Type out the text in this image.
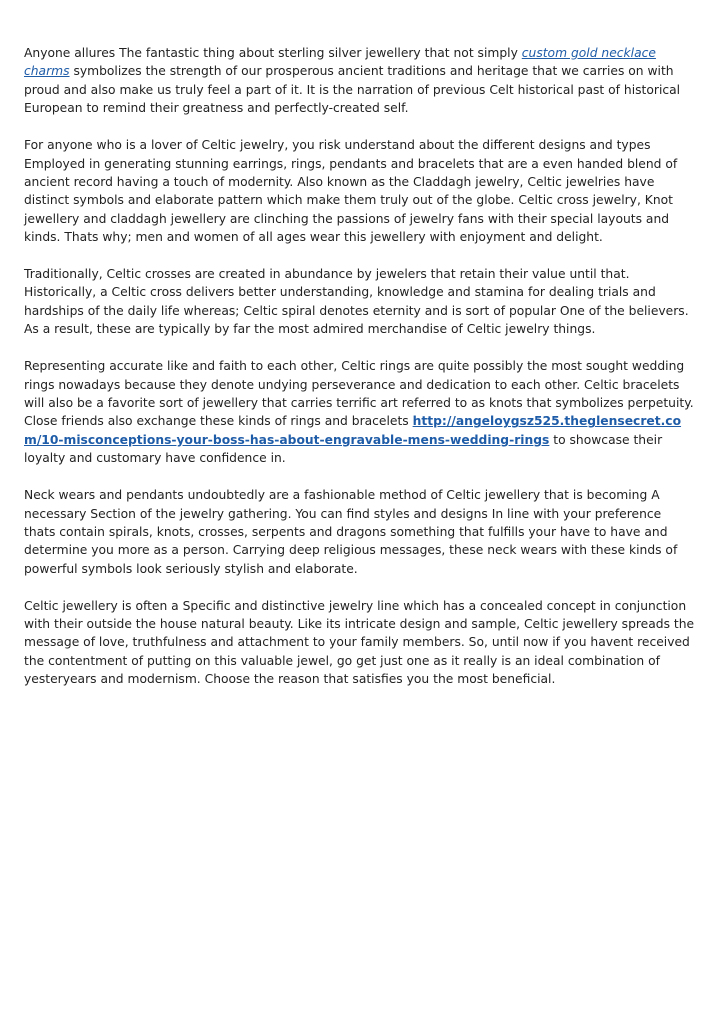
Anyone allures The fantastic thing about sterling silver jewellery that not simply custom gold necklace charms symbolizes the strength of our prosperous ancient traditions and heritage that we carries on with proud and also make us truly feel a part of it. It is the narration of previous Celt historical past of historical European to remind their greatness and perfectly-created self.

For anyone who is a lover of Celtic jewelry, you risk understand about the different designs and types Employed in generating stunning earrings, rings, pendants and bracelets that are a even handed blend of ancient record having a touch of modernity. Also known as the Claddagh jewelry, Celtic jewelries have distinct symbols and elaborate pattern which make them truly out of the globe. Celtic cross jewelry, Knot jewellery and claddagh jewellery are clinching the passions of jewelry fans with their special layouts and kinds. Thats why; men and women of all ages wear this jewellery with enjoyment and delight.

Traditionally, Celtic crosses are created in abundance by jewelers that retain their value until that. Historically, a Celtic cross delivers better understanding, knowledge and stamina for dealing trials and hardships of the daily life whereas; Celtic spiral denotes eternity and is sort of popular One of the believers. As a result, these are typically by far the most admired merchandise of Celtic jewelry things.

Representing accurate like and faith to each other, Celtic rings are quite possibly the most sought wedding rings nowadays because they denote undying perseverance and dedication to each other. Celtic bracelets will also be a favorite sort of jewellery that carries terrific art referred to as knots that symbolizes perpetuity. Close friends also exchange these kinds of rings and bracelets http://angeloygsz525.theglensecret.com/10-misconceptions-your-boss-has-about-engravable-mens-wedding-rings to showcase their loyalty and customary have confidence in.

Neck wears and pendants undoubtedly are a fashionable method of Celtic jewellery that is becoming A necessary Section of the jewelry gathering. You can find styles and designs In line with your preference thats contain spirals, knots, crosses, serpents and dragons something that fulfills your have to have and determine you more as a person. Carrying deep religious messages, these neck wears with these kinds of powerful symbols look seriously stylish and elaborate.

Celtic jewellery is often a Specific and distinctive jewelry line which has a concealed concept in conjunction with their outside the house natural beauty. Like its intricate design and sample, Celtic jewellery spreads the message of love, truthfulness and attachment to your family members. So, until now if you havent received the contentment of putting on this valuable jewel, go get just one as it really is an ideal combination of yesteryears and modernism. Choose the reason that satisfies you the most beneficial.
